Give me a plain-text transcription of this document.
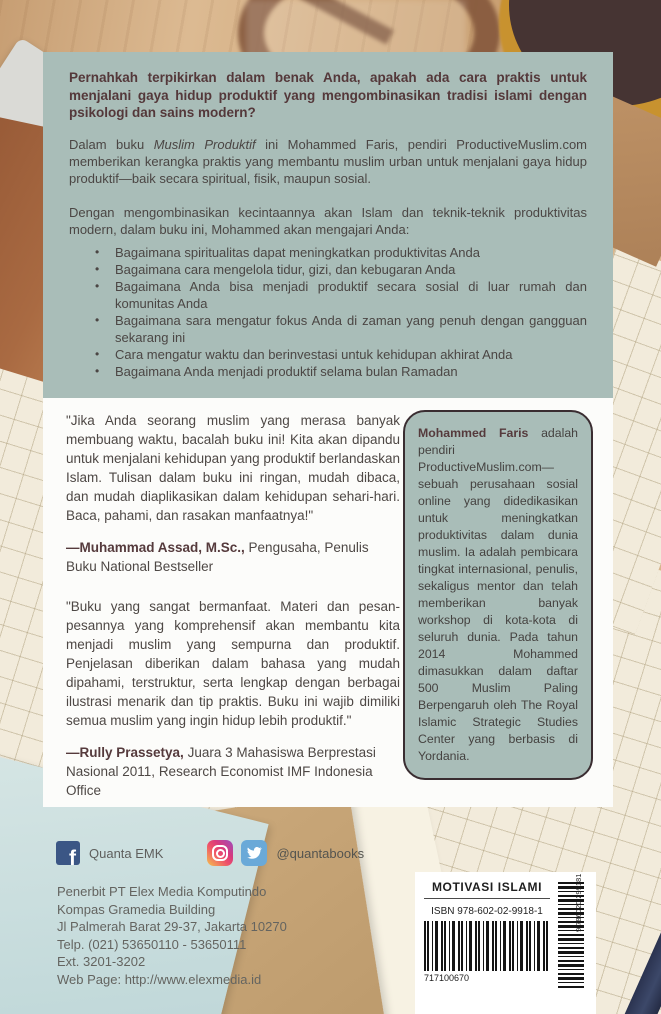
+

Pernahkah terpikirkan dalam benak Anda, apakah ada cara praktis untuk menjalani gaya hidup produktif yang mengombinasikan tradisi islami dengan psikologi dan sains modern?

Dalam buku Muslim Produktif ini Mohammed Faris, pendiri ProductiveMuslim.com memberikan kerangka praktis yang membantu muslim urban untuk menjalani gaya hidup produktif—baik secara spiritual, fisik, maupun sosial.

Dengan mengombinasikan kecintaannya akan Islam dan teknik-teknik produktivitas modern, dalam buku ini, Mohammed akan mengajari Anda:

• Bagaimana spiritualitas dapat meningkatkan produktivitas Anda
• Bagaimana cara mengelola tidur, gizi, dan kebugaran Anda
• Bagaimana Anda bisa menjadi produktif secara sosial di luar rumah dan komunitas Anda
• Bagaimana sara mengatur fokus Anda di zaman yang penuh dengan gangguan sekarang ini
• Cara mengatur waktu dan berinvestasi untuk kehidupan akhirat Anda
• Bagaimana Anda menjadi produktif selama bulan Ramadan

"Jika Anda seorang muslim yang merasa banyak membuang waktu, bacalah buku ini! Kita akan dipandu untuk menjalani kehidupan yang produktif berlandaskan Islam. Tulisan dalam buku ini ringan, mudah dibaca, dan mudah diaplikasikan dalam kehidupan sehari-hari. Baca, pahami, dan rasakan manfaatnya!"

—Muhammad Assad, M.Sc., Pengusaha, Penulis Buku National Bestseller

"Buku yang sangat bermanfaat. Materi dan pesan-pesannya yang komprehensif akan membantu kita menjadi muslim yang sempurna dan produktif. Penjelasan diberikan dalam bahasa yang mudah dipahami, terstruktur, serta lengkap dengan berbagai ilustrasi menarik dan tip praktis. Buku ini wajib dimiliki semua muslim yang ingin hidup lebih produktif."

—Rully Prassetya, Juara 3 Mahasiswa Berprestasi Nasional 2011, Research Economist IMF Indonesia Office

Mohammed Faris adalah pendiri ProductiveMuslim.com—sebuah perusahaan sosial online yang didedikasikan untuk meningkatkan produktivitas dalam dunia muslim. Ia adalah pembicara tingkat internasional, penulis, sekaligus mentor dan telah memberikan banyak workshop di kota-kota di seluruh dunia. Pada tahun 2014 Mohammed dimasukkan dalam daftar 500 Muslim Paling Berpengaruh oleh The Royal Islamic Strategic Studies Center yang berbasis di Yordania.
f
Quanta EMK	@quantabooks
Penerbit PT Elex Media Komputindo
Kompas Gramedia Building
Jl Palmerah Barat 29-37, Jakarta 10270
Telp. (021) 53650110 - 53650111
Ext. 3201-3202
Web Page: http://www.elexmedia.id
MOTIVASI ISLAMI
ISBN 978-602-02-9918-1
717100670
9 786020 299181
